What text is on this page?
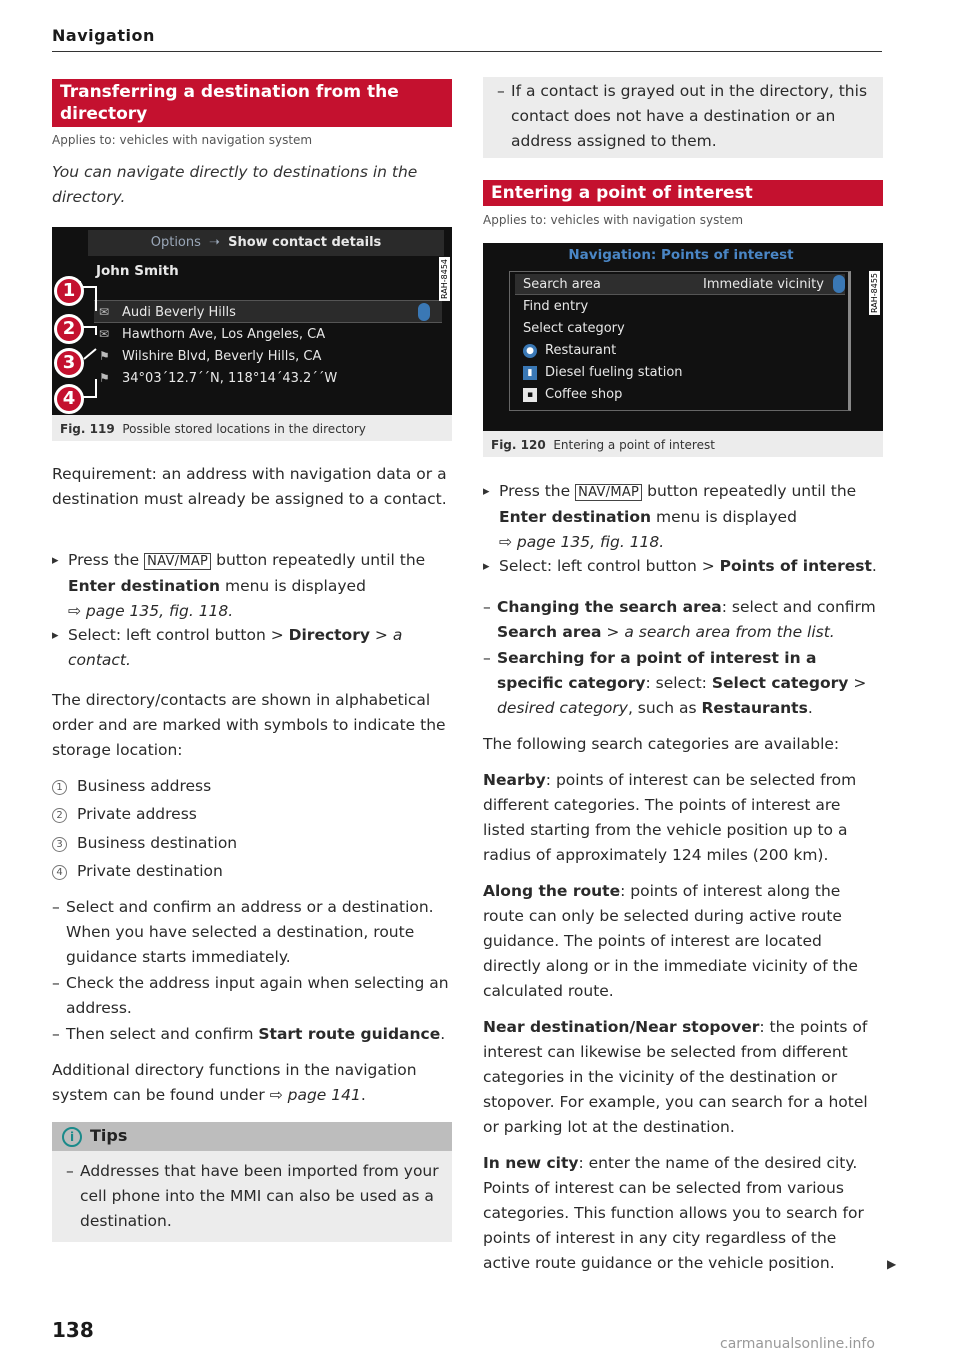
Navigation
Transferring a destination from the directory
Applies to: vehicles with navigation system
You can navigate directly to destinations in the directory.
Options ➝ Show contact details
John Smith
✉ Audi Beverly Hills
✉ Hawthorn Ave, Los Angeles, CA
⚑ Wilshire Blvd, Beverly Hills, CA
⚑ 34°03´12.7´´N, 118°14´43.2´´W
1
2
3
4
RAH-8454
Fig. 119 Possible stored locations in the directory
Requirement: an address with navigation data or a destination must already be assigned to a contact.
▸ Press the NAV/MAP button repeatedly until the Enter destination menu is displayed
⇨ page 135, fig. 118.
▸ Select: left control button > Directory > a contact.
The directory/contacts are shown in alphabetical order and are marked with symbols to indicate the storage location:
1 Business address
2 Private address
3 Business destination
4 Private destination
– Select and confirm an address or a destination. When you have selected a destination, route guidance starts immediately.
– Check the address input again when selecting an address.
– Then select and confirm Start route guidance.
Additional directory functions in the navigation system can be found under ⇨ page 141.
i Tips
– Addresses that have been imported from your cell phone into the MMI can also be used as a destination.
– If a contact is grayed out in the directory, this contact does not have a destination or an address assigned to them.
Entering a point of interest
Applies to: vehicles with navigation system
Navigation: Points of interest
Search area	Immediate vicinity
Find entry
Select category
● Restaurant
▮ Diesel fueling station
▪ Coffee shop
RAH-8455
Fig. 120 Entering a point of interest
▸ Press the NAV/MAP button repeatedly until the Enter destination menu is displayed
⇨ page 135, fig. 118.
▸ Select: left control button > Points of interest.
– Changing the search area: select and confirm Search area > a search area from the list.
– Searching for a point of interest in a specific category: select: Select category > desired category, such as Restaurants.
The following search categories are available:
Nearby: points of interest can be selected from different categories. The points of interest are listed starting from the vehicle position up to a radius of approximately 124 miles (200 km).
Along the route: points of interest along the route can only be selected during active route guidance. The points of interest are located directly along or in the immediate vicinity of the calculated route.
Near destination/Near stopover: the points of interest can likewise be selected from different categories in the vicinity of the destination or stopover. For example, you can search for a hotel or parking lot at the destination.
In new city: enter the name of the desired city. Points of interest can be selected from various categories. This function allows you to search for points of interest in any city regardless of the active route guidance or the vehicle position.	▶
138
carmanualsonline.info
